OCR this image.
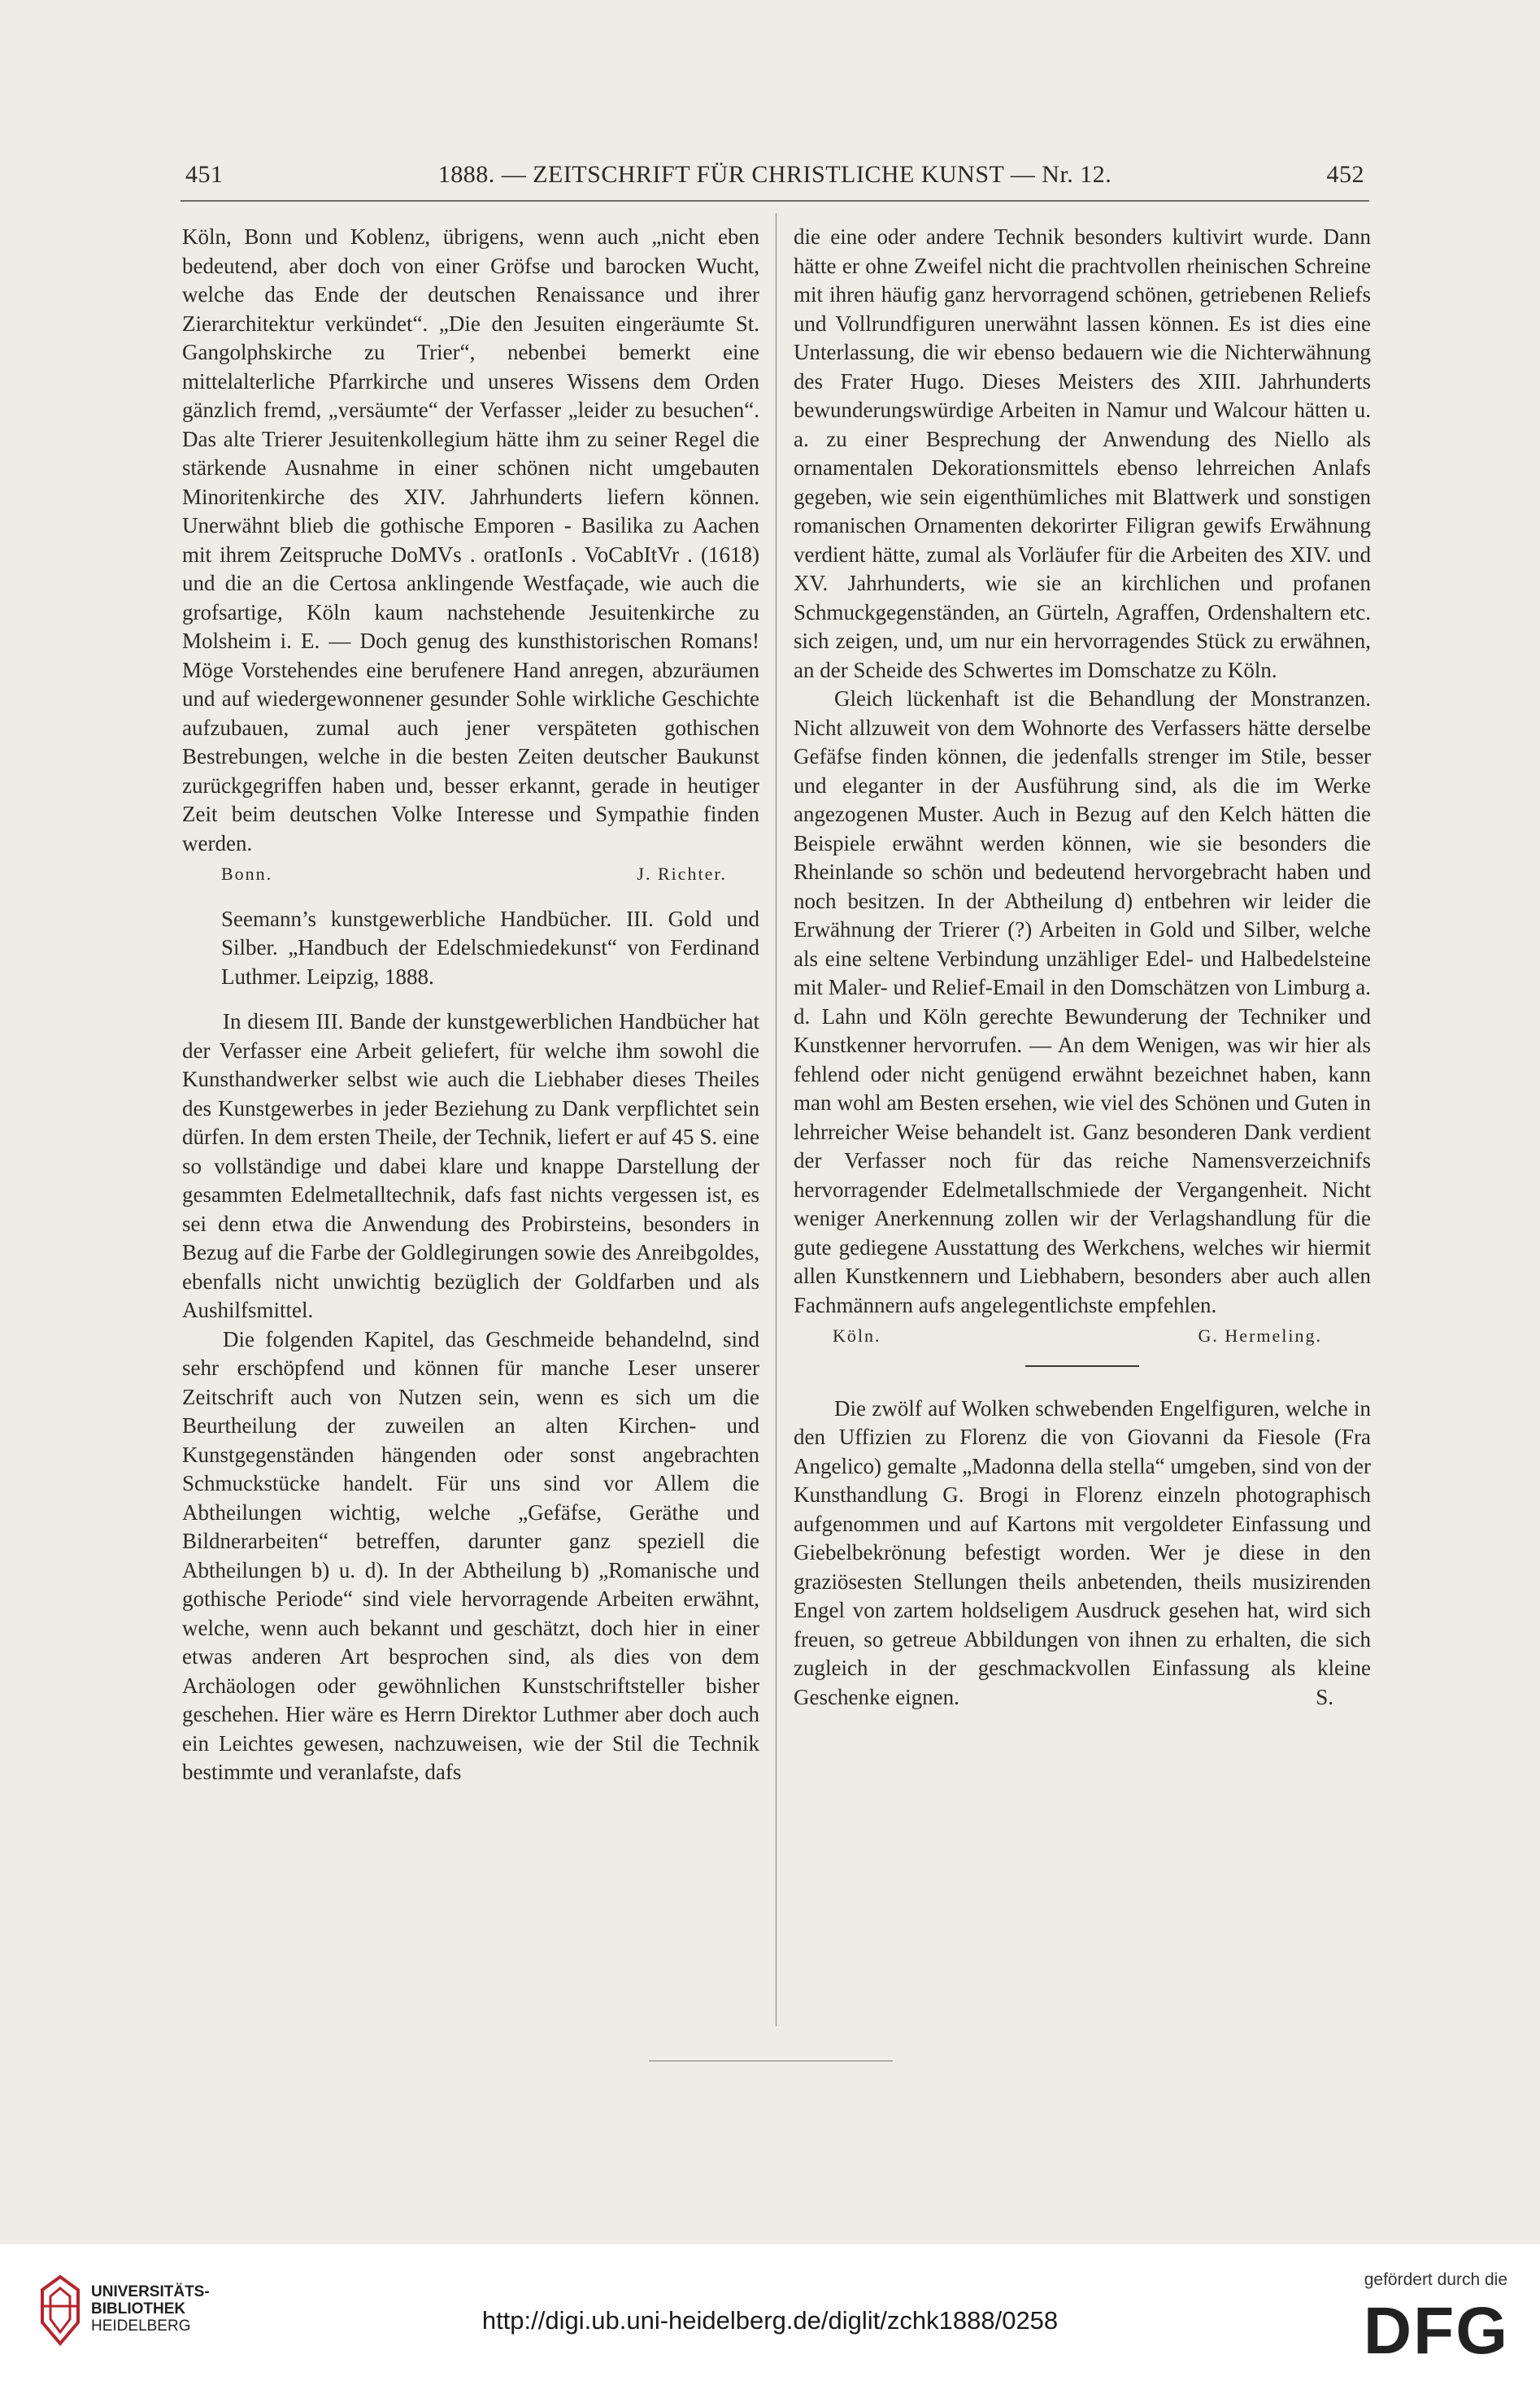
451	1888. — ZEITSCHRIFT FÜR CHRISTLICHE KUNST — Nr. 12.	452

Köln, Bonn und Koblenz, übrigens, wenn auch „nicht eben bedeutend, aber doch von einer Gröfse und barocken Wucht, welche das Ende der deutschen Renaissance und ihrer Zierarchitektur verkündet“. „Die den Jesuiten eingeräumte St. Gangolphskirche zu Trier“, nebenbei bemerkt eine mittelalterliche Pfarrkirche und unseres Wissens dem Orden gänzlich fremd, „versäumte“ der Verfasser „leider zu besuchen“. Das alte Trierer Jesuitenkollegium hätte ihm zu seiner Regel die stärkende Ausnahme in einer schönen nicht umgebauten Minoritenkirche des XIV. Jahrhunderts liefern können. Unerwähnt blieb die gothische Emporen - Basilika zu Aachen mit ihrem Zeitspruche DoMVs . oratIonIs . VoCabItVr . (1618) und die an die Certosa anklingende Westfaçade, wie auch die grofsartige, Köln kaum nachstehende Jesuitenkirche zu Molsheim i. E. — Doch genug des kunsthistorischen Romans! Möge Vorstehendes eine berufenere Hand anregen, abzuräumen und auf wiedergewonnener gesunder Sohle wirkliche Geschichte aufzubauen, zumal auch jener verspäteten gothischen Bestrebungen, welche in die besten Zeiten deutscher Baukunst zurückgegriffen haben und, besser erkannt, gerade in heutiger Zeit beim deutschen Volke Interesse und Sympathie finden werden.

Bonn.	J. Richter.

Seemann’s kunstgewerbliche Handbücher. III. Gold und Silber. „Handbuch der Edelschmiedekunst“ von Ferdinand Luthmer. Leipzig, 1888.

In diesem III. Bande der kunstgewerblichen Handbücher hat der Verfasser eine Arbeit geliefert, für welche ihm sowohl die Kunsthandwerker selbst wie auch die Liebhaber dieses Theiles des Kunstgewerbes in jeder Beziehung zu Dank verpflichtet sein dürfen. In dem ersten Theile, der Technik, liefert er auf 45 S. eine so vollständige und dabei klare und knappe Darstellung der gesammten Edelmetalltechnik, dafs fast nichts vergessen ist, es sei denn etwa die Anwendung des Probirsteins, besonders in Bezug auf die Farbe der Goldlegirungen sowie des Anreibgoldes, ebenfalls nicht unwichtig bezüglich der Goldfarben und als Aushilfsmittel.

Die folgenden Kapitel, das Geschmeide behandelnd, sind sehr erschöpfend und können für manche Leser unserer Zeitschrift auch von Nutzen sein, wenn es sich um die Beurtheilung der zuweilen an alten Kirchen- und Kunstgegenständen hängenden oder sonst angebrachten Schmuckstücke handelt. Für uns sind vor Allem die Abtheilungen wichtig, welche „Gefäfse, Geräthe und Bildnerarbeiten“ betreffen, darunter ganz speziell die Abtheilungen b) u. d). In der Abtheilung b) „Romanische und gothische Periode“ sind viele hervorragende Arbeiten erwähnt, welche, wenn auch bekannt und geschätzt, doch hier in einer etwas anderen Art besprochen sind, als dies von dem Archäologen oder gewöhnlichen Kunstschriftsteller bisher geschehen. Hier wäre es Herrn Direktor Luthmer aber doch auch ein Leichtes gewesen, nachzuweisen, wie der Stil die Technik bestimmte und veranlafste, dafs

die eine oder andere Technik besonders kultivirt wurde. Dann hätte er ohne Zweifel nicht die prachtvollen rheinischen Schreine mit ihren häufig ganz hervorragend schönen, getriebenen Reliefs und Vollrundfiguren unerwähnt lassen können. Es ist dies eine Unterlassung, die wir ebenso bedauern wie die Nichterwähnung des Frater Hugo. Dieses Meisters des XIII. Jahrhunderts bewunderungswürdige Arbeiten in Namur und Walcour hätten u. a. zu einer Besprechung der Anwendung des Niello als ornamentalen Dekorationsmittels ebenso lehrreichen Anlafs gegeben, wie sein eigenthümliches mit Blattwerk und sonstigen romanischen Ornamenten dekorirter Filigran gewifs Erwähnung verdient hätte, zumal als Vorläufer für die Arbeiten des XIV. und XV. Jahrhunderts, wie sie an kirchlichen und profanen Schmuckgegenständen, an Gürteln, Agraffen, Ordenshaltern etc. sich zeigen, und, um nur ein hervorragendes Stück zu erwähnen, an der Scheide des Schwertes im Domschatze zu Köln.

Gleich lückenhaft ist die Behandlung der Monstranzen. Nicht allzuweit von dem Wohnorte des Verfassers hätte derselbe Gefäfse finden können, die jedenfalls strenger im Stile, besser und eleganter in der Ausführung sind, als die im Werke angezogenen Muster. Auch in Bezug auf den Kelch hätten die Beispiele erwähnt werden können, wie sie besonders die Rheinlande so schön und bedeutend hervorgebracht haben und noch besitzen. In der Abtheilung d) entbehren wir leider die Erwähnung der Trierer (?) Arbeiten in Gold und Silber, welche als eine seltene Verbindung unzähliger Edel- und Halbedelsteine mit Maler- und Relief-Email in den Domschätzen von Limburg a. d. Lahn und Köln gerechte Bewunderung der Techniker und Kunstkenner hervorrufen. — An dem Wenigen, was wir hier als fehlend oder nicht genügend erwähnt bezeichnet haben, kann man wohl am Besten ersehen, wie viel des Schönen und Guten in lehrreicher Weise behandelt ist. Ganz besonderen Dank verdient der Verfasser noch für das reiche Namensverzeichnifs hervorragender Edelmetallschmiede der Vergangenheit. Nicht weniger Anerkennung zollen wir der Verlagshandlung für die gute gediegene Ausstattung des Werkchens, welches wir hiermit allen Kunstkennern und Liebhabern, besonders aber auch allen Fachmännern aufs angelegentlichste empfehlen.

Köln.	G. Hermeling.

Die zwölf auf Wolken schwebenden Engelfiguren, welche in den Uffizien zu Florenz die von Giovanni da Fiesole (Fra Angelico) gemalte „Madonna della stella“ umgeben, sind von der Kunsthandlung G. Brogi in Florenz einzeln photographisch aufgenommen und auf Kartons mit vergoldeter Einfassung und Giebelbekrönung befestigt worden. Wer je diese in den graziösesten Stellungen theils anbetenden, theils musizirenden Engel von zartem holdseligem Ausdruck gesehen hat, wird sich freuen, so getreue Abbildungen von ihnen zu erhalten, die sich zugleich in der geschmackvollen Einfassung als kleine Geschenke eignen.	S.

UNIVERSITÄTS-
BIBLIOTHEK
HEIDELBERG	http://digi.ub.uni-heidelberg.de/diglit/zchk1888/0258
gefördert durch die
DFG
